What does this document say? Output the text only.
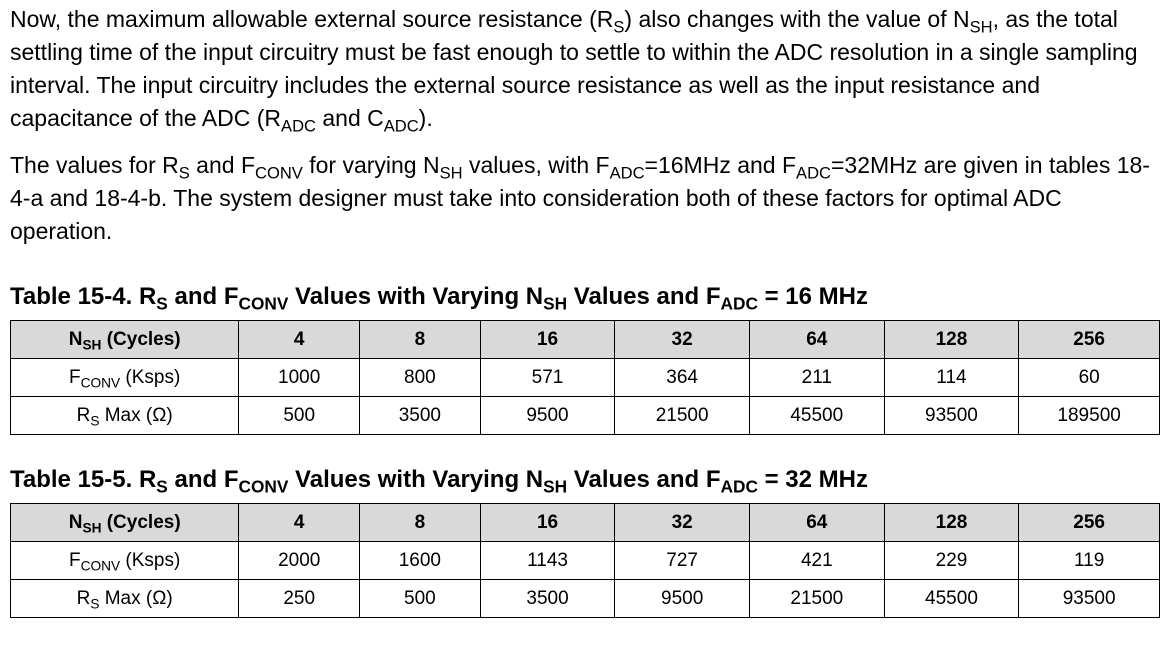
Now, the maximum allowable external source resistance $(R_S)$ also changes with the value of $N_{SH}$, as the total settling time of the input circuitry must be fast enough to settle to within the ADC resolution in a single sampling interval. The input circuitry includes the external source resistance as well as the input resistance and capacitance of the ADC ($R_{ADC}$ and $C_{ADC}$).

The values for $R_S$ and $F_{CONV}$ for varying $N_{SH}$ values, with $F_{ADC}=16MHz$ and $F_{ADC}=32MHz$ are given in tables 18-4-a and 18-4-b. The system designer must take into consideration both of these factors for optimal ADC operation.

Table 15-4. $R_S$ and $F_{CONV}$ Values with Varying $N_{SH}$ Values and $F_{ADC} = 16$ MHz

$N_{SH}$ (Cycles)	4	8	16	32	64	128	256
$F_{CONV}$ (Ksps)	1000	800	571	364	211	114	60
$R_S$ Max (Ω)	500	3500	9500	21500	45500	93500	189500

Table 15-5. $R_S$ and $F_{CONV}$ Values with Varying $N_{SH}$ Values and $F_{ADC} = 32$ MHz

$N_{SH}$ (Cycles)	4	8	16	32	64	128	256
$F_{CONV}$ (Ksps)	2000	1600	1143	727	421	229	119
$R_S$ Max (Ω)	250	500	3500	9500	21500	45500	93500
